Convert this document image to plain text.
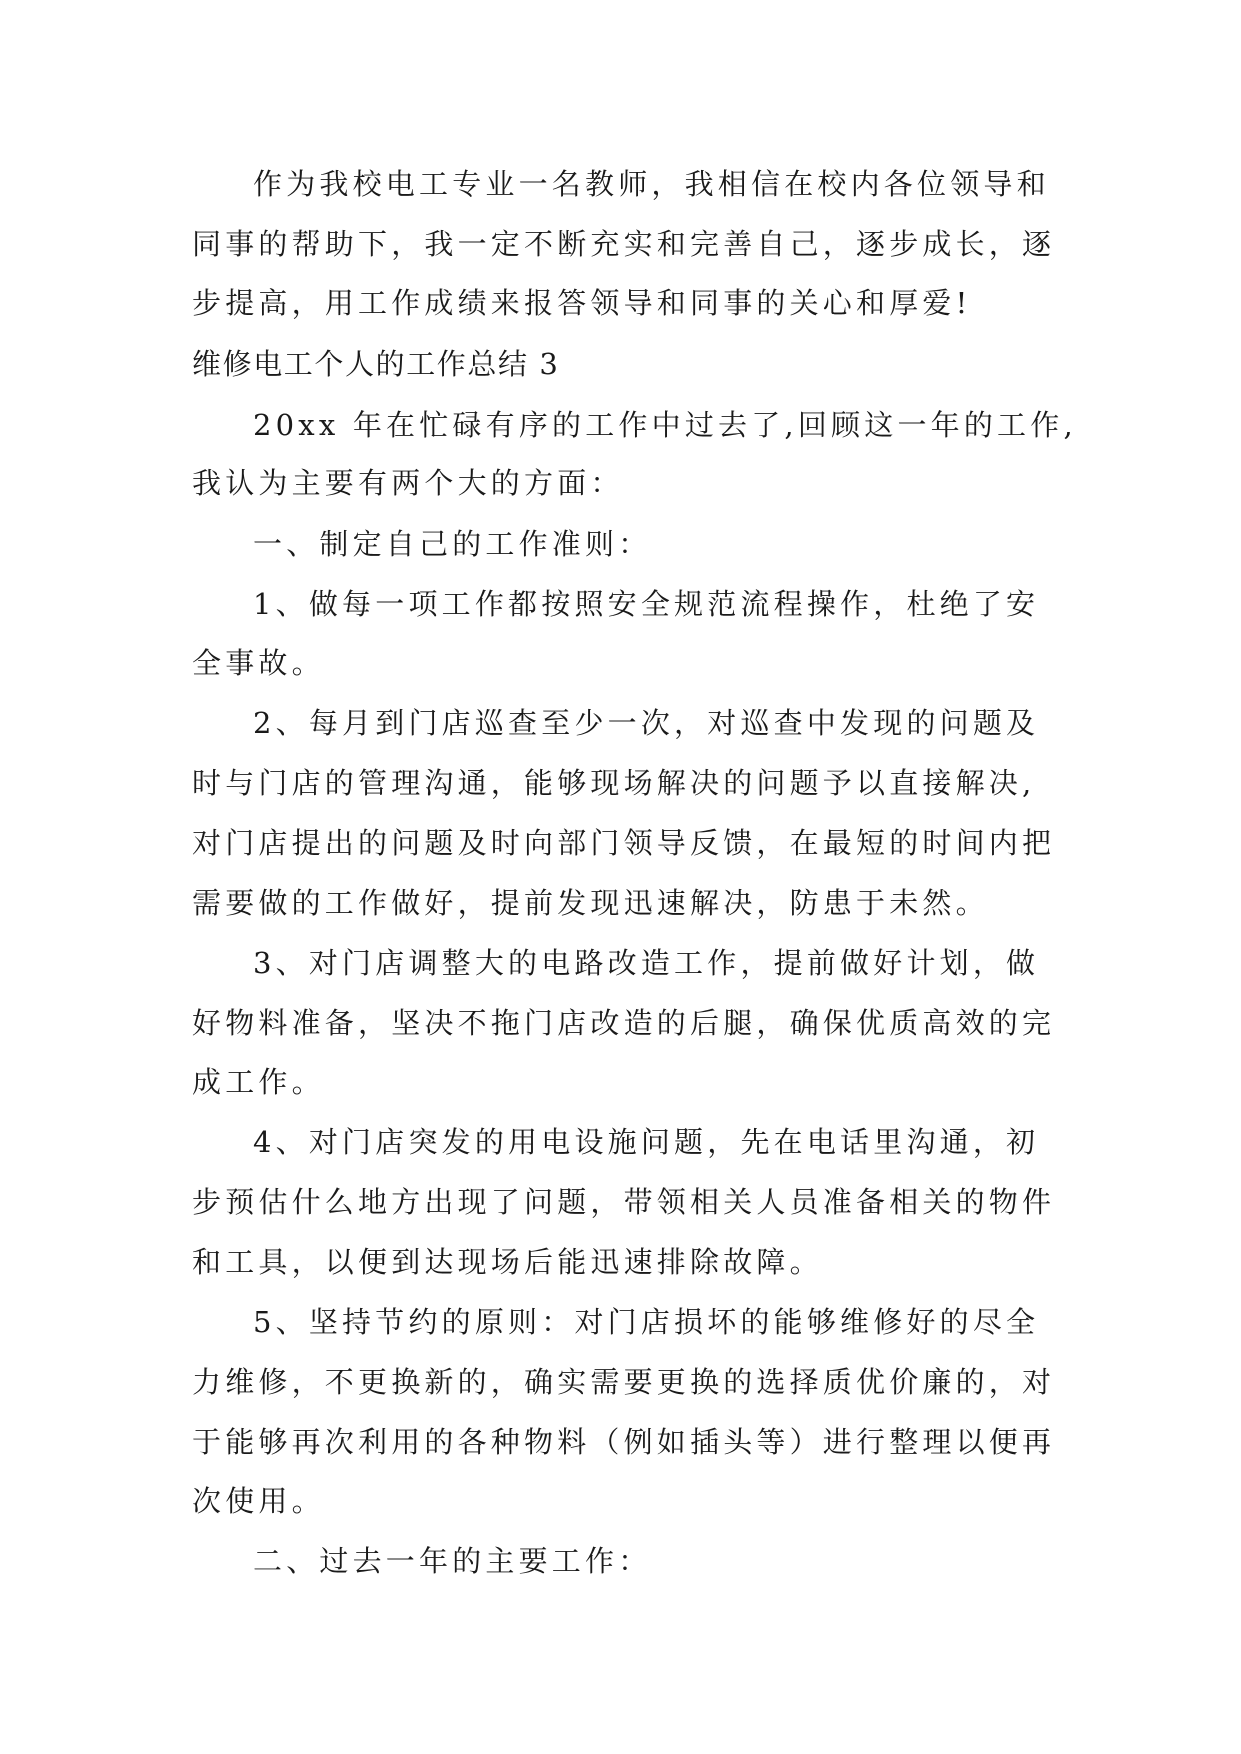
作为我校电工专业一名教师，我相信在校内各位领导和
同事的帮助下，我一定不断充实和完善自己，逐步成长，逐
步提高，用工作成绩来报答领导和同事的关心和厚爱!
维修电工个人的工作总结 3
20xx 年在忙碌有序的工作中过去了,回顾这一年的工作,
我认为主要有两个大的方面：
一、制定自己的工作准则：
1、做每一项工作都按照安全规范流程操作，杜绝了安
全事故。
2、每月到门店巡查至少一次，对巡查中发现的问题及
时与门店的管理沟通，能够现场解决的问题予以直接解决,
对门店提出的问题及时向部门领导反馈，在最短的时间内把
需要做的工作做好，提前发现迅速解决，防患于未然。
3、对门店调整大的电路改造工作，提前做好计划，做
好物料准备，坚决不拖门店改造的后腿，确保优质高效的完
成工作。
4、对门店突发的用电设施问题，先在电话里沟通，初
步预估什么地方出现了问题，带领相关人员准备相关的物件
和工具，以便到达现场后能迅速排除故障。
5、坚持节约的原则：对门店损坏的能够维修好的尽全
力维修，不更换新的，确实需要更换的选择质优价廉的，对
于能够再次利用的各种物料（例如插头等）进行整理以便再
次使用。
二、过去一年的主要工作：
